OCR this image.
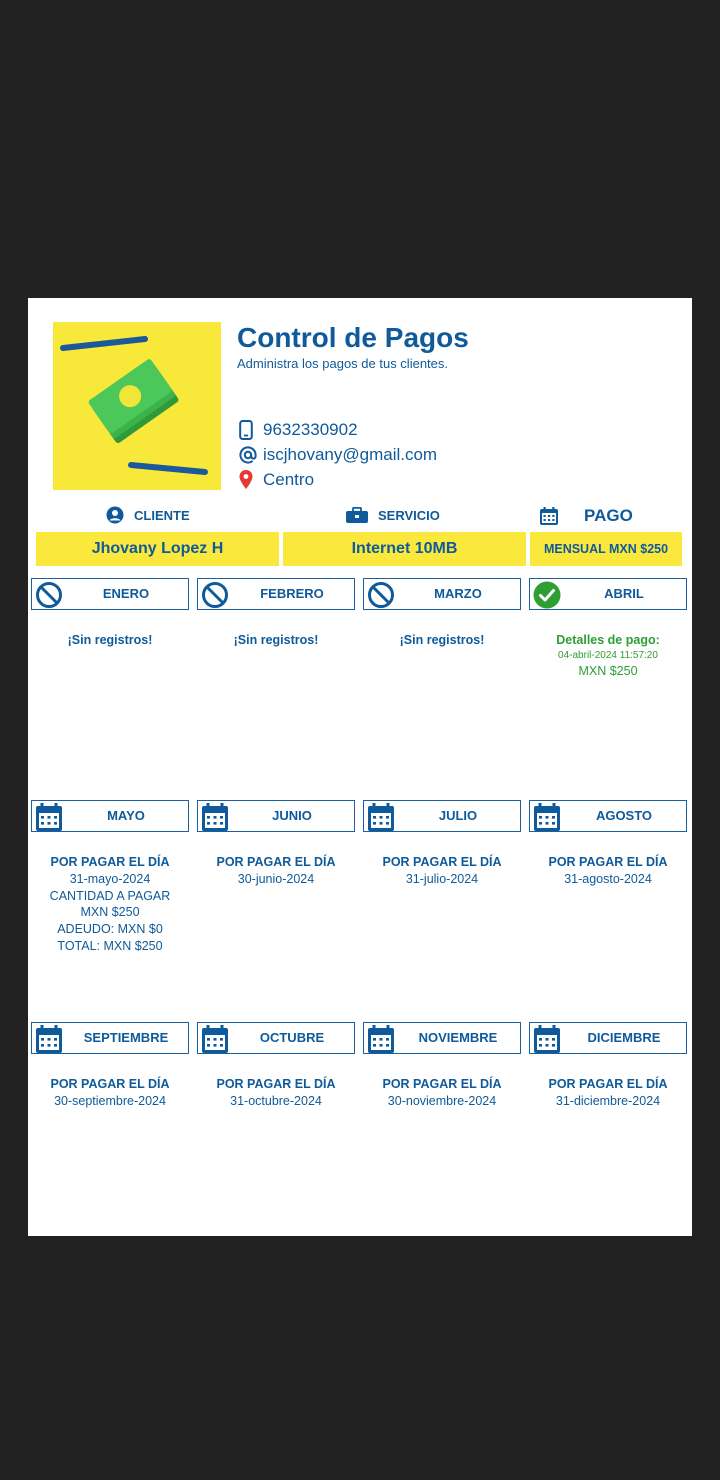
Control de Pagos
Administra los pagos de tus clientes.
9632330902
iscjhovany@gmail.com
Centro
CLIENTE	SERVICIO	PAGO
Jhovany Lopez H	Internet 10MB	MENSUAL MXN $250
ENERO
¡Sin registros!
FEBRERO
¡Sin registros!
MARZO
¡Sin registros!
ABRIL
Detalles de pago:
04-abril-2024 11:57:20
MXN $250
MAYO
POR PAGAR EL DÍA
31-mayo-2024
CANTIDAD A PAGAR
MXN $250
ADEUDO: MXN $0
TOTAL: MXN $250
JUNIO
POR PAGAR EL DÍA
30-junio-2024
JULIO
POR PAGAR EL DÍA
31-julio-2024
AGOSTO
POR PAGAR EL DÍA
31-agosto-2024
SEPTIEMBRE
POR PAGAR EL DÍA
30-septiembre-2024
OCTUBRE
POR PAGAR EL DÍA
31-octubre-2024
NOVIEMBRE
POR PAGAR EL DÍA
30-noviembre-2024
DICIEMBRE
POR PAGAR EL DÍA
31-diciembre-2024
